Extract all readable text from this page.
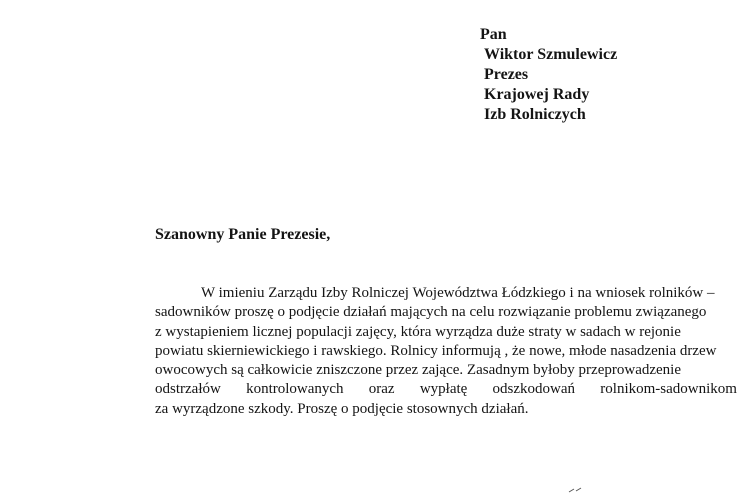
Pan
Wiktor Szmulewicz
Prezes
Krajowej Rady
Izb Rolniczych
Szanowny Panie Prezesie,
W imieniu Zarządu Izby Rolniczej Województwa Łódzkiego i na wniosek rolników –
sadowników proszę o podjęcie działań mających na celu rozwiązanie problemu związanego
z wystapieniem licznej populacji zajęcy, która wyrządza duże straty w sadach w rejonie
powiatu skierniewickiego i rawskiego. Rolnicy informują , że nowe, młode nasadzenia drzew
owocowych są całkowicie zniszczone przez zające. Zasadnym byłoby przeprowadzenie
odstrzałów kontrolowanych oraz wypłatę odszkodowań rolnikom-sadownikom
za wyrządzone szkody. Proszę o podjęcie stosownych działań.
